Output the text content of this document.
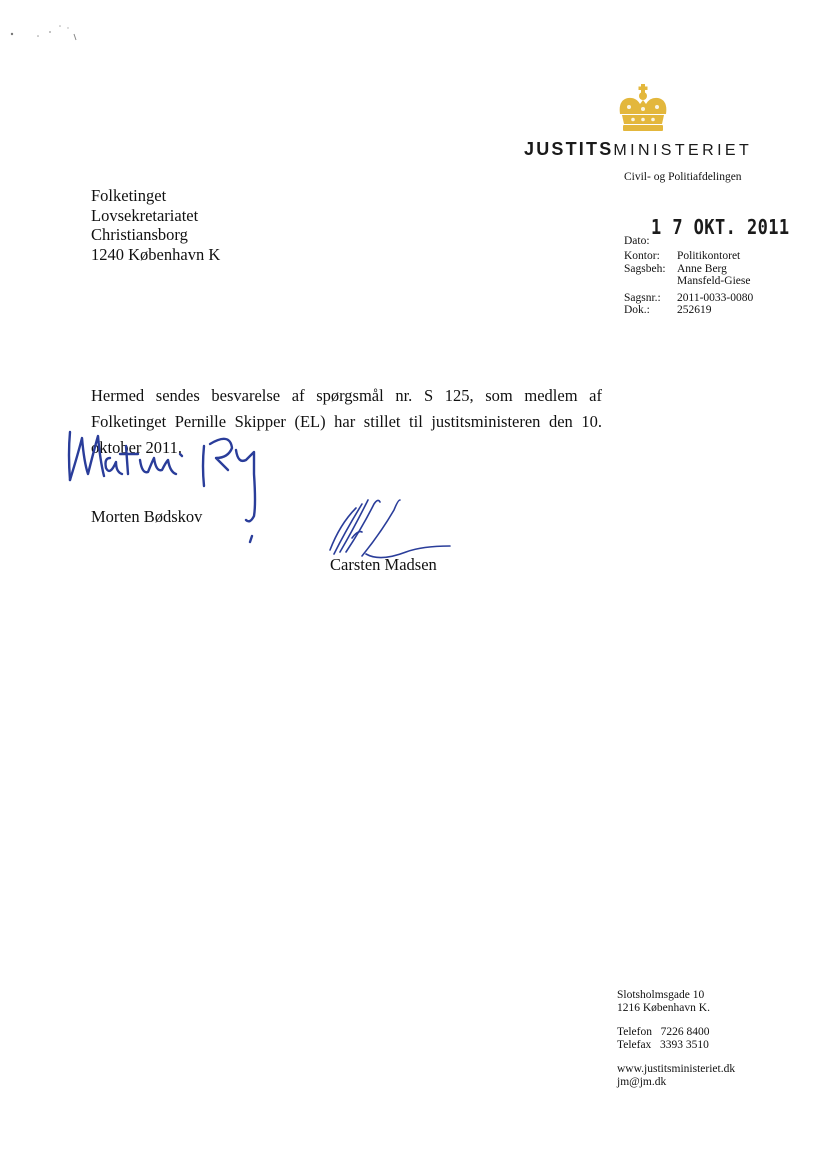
JUSTITSMINISTERIET
Civil- og Politiafdelingen
Folketinget
Lovsekretariatet
Christiansborg
1240 København K
Dato:
1 7 OKT. 2011
Kontor:	Politikontoret
Sagsbeh: Anne Berg Mansfeld-Giese
Sagsnr.:	2011-0033-0080
Dok.:	252619
Hermed sendes besvarelse af spørgsmål nr. S 125, som medlem af Folketinget Pernille Skipper (EL) har stillet til justitsministeren den 10. oktober 2011.
Morten Bødskov
Carsten Madsen
Slotsholmsgade 10
1216 København K.
Telefon 7226 8400
Telefax 3393 3510
www.justitsministeriet.dk
jm@jm.dk
